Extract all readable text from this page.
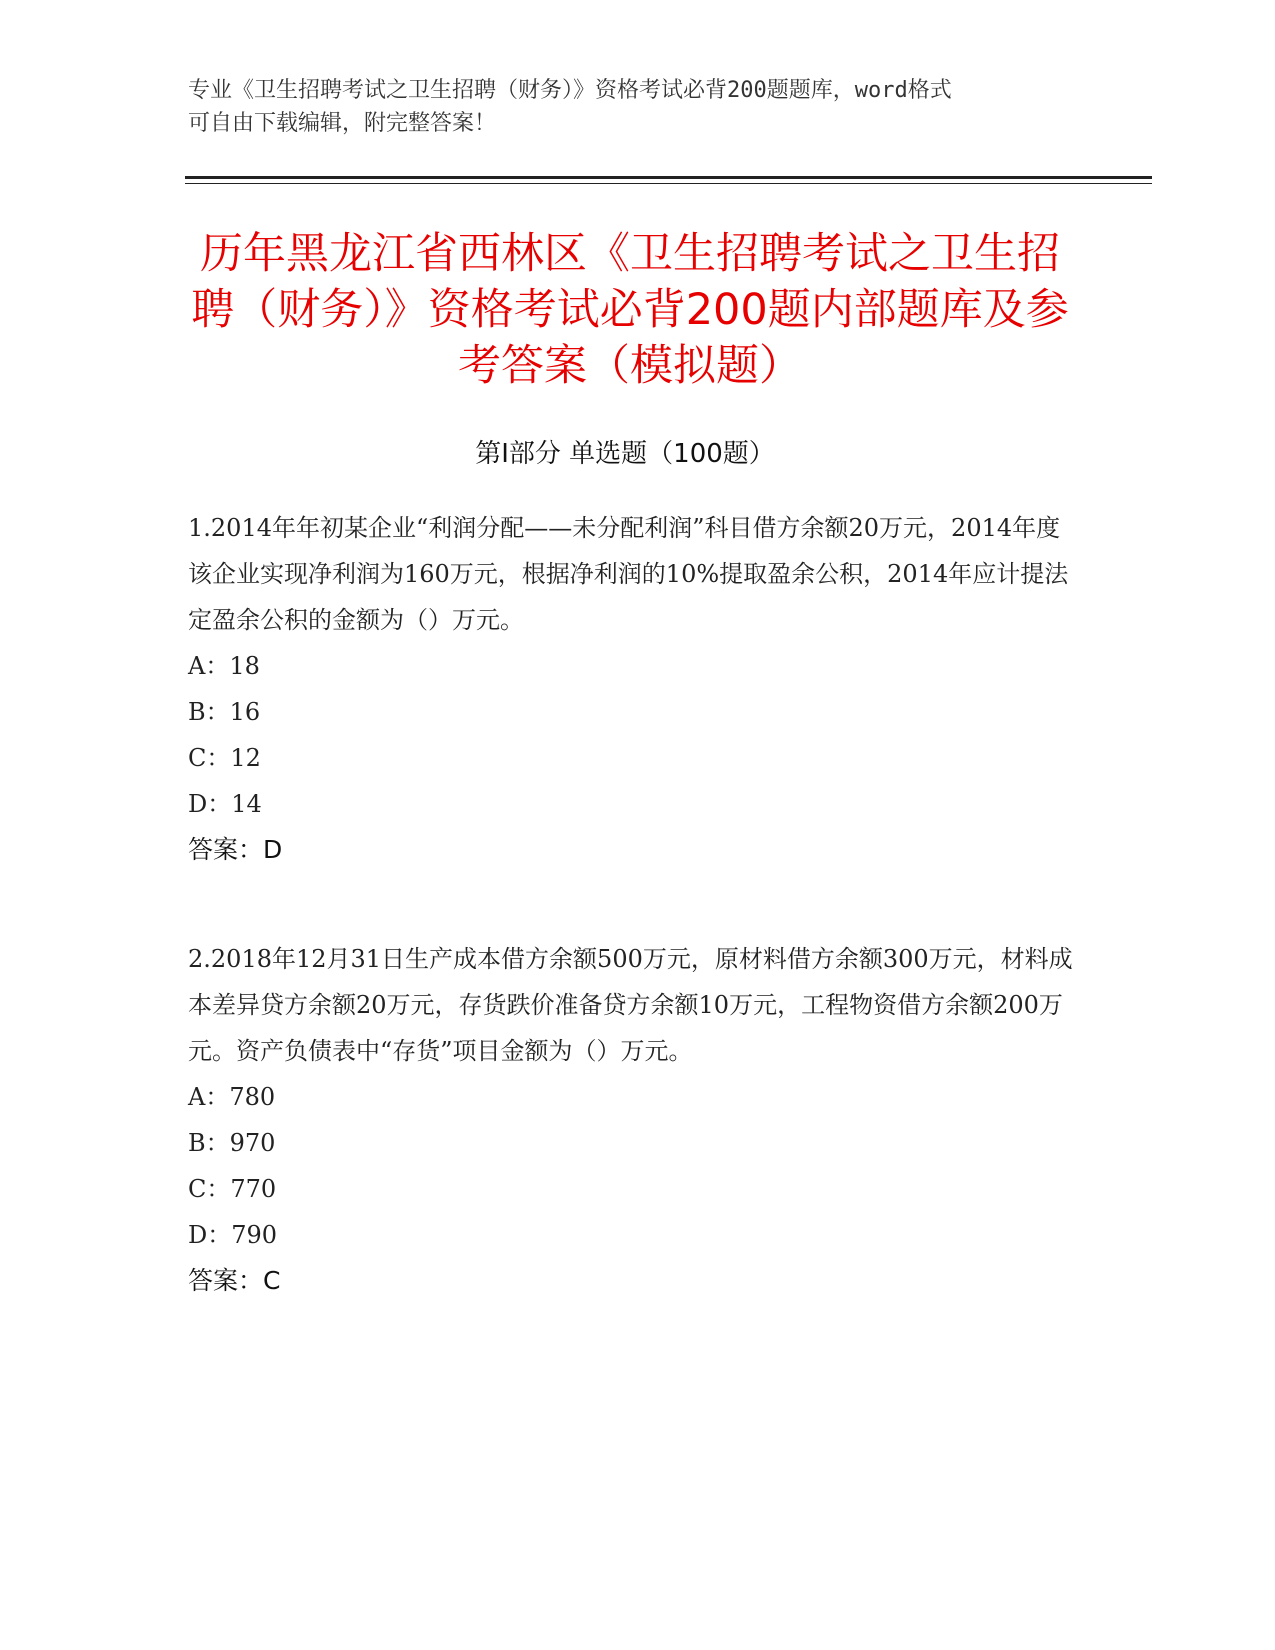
专业《卫生招聘考试之卫生招聘（财务）》资格考试必背200题题库，word格式
可自由下载编辑，附完整答案！
历年黑龙江省西林区《卫生招聘考试之卫生招聘（财务）》资格考试必背200题内部题库及参考答案（模拟题）
第Ⅰ部分 单选题（100题）

1.2014年年初某企业“利润分配——未分配利润”科目借方余额20万元，2014年度该企业实现净利润为160万元，根据净利润的10%提取盈余公积，2014年应计提法定盈余公积的金额为（）万元。

A：18

B：16

C：12

D：14

答案：D

2.2018年12月31日生产成本借方余额500万元，原材料借方余额300万元，材料成本差异贷方余额20万元，存货跌价准备贷方余额10万元，工程物资借方余额200万元。资产负债表中“存货”项目金额为（）万元。

A：780

B：970

C：770

D：790

答案：C
